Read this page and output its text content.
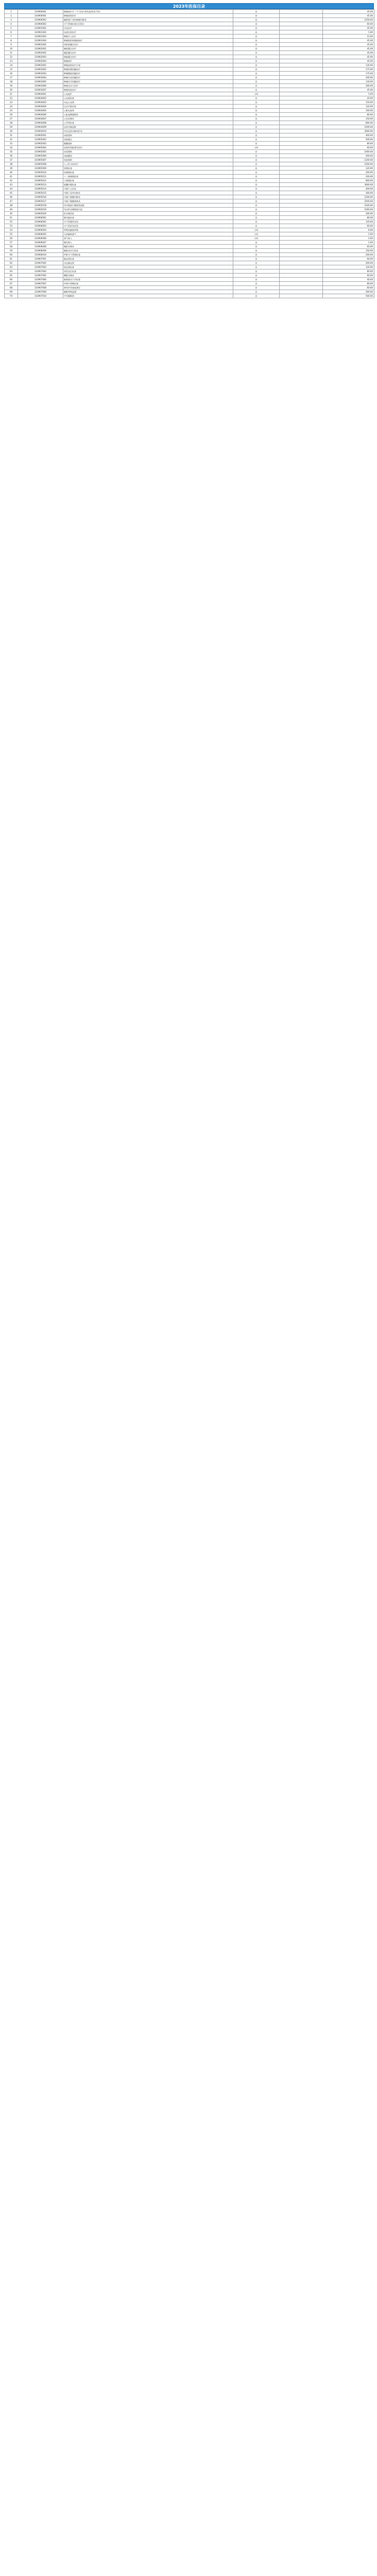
2023年医保目录
1	310900001	肿瘤热疗学（不可治疗类药品/同类不同）	次		45.00
2	310900001	肿瘤放射治疗	次		45.00
3	310900002	腹腔镜下良性肿瘤切除术	次		1250.00
4	310900002	支气管镜检查(含活检)	次		60.00
5	310901001	冷冻治疗	次		45.00
6	310901002	局部注射治疗	次		5.00
7	310901003	肿瘤介入治疗	次		15.00
8	310901004	肿瘤组织间插植放疗	次		45.00
9	310901005	体腔热灌注治疗	次		45.00
10	310902001	胸腔灌注治疗	次		45.00
11	310902002	腹腔灌注治疗	次		45.00
12	310902003	膀胱灌注治疗	次		45.00
13	310902004	肿瘤热疗	次		45.00
14	310903001	肿瘤放射治疗计划	次		130.00
15	310903002	肿瘤射频消融治疗	次		175.00
16	310903003	肿瘤微波消融治疗	次		175.00
17	310903004	肿瘤冷冻消融治疗	次		200.00
18	310903005	肿瘤化学消融治疗	次		130.00
19	310903006	肿瘤光动力治疗	次		200.00
20	310903007	肿瘤免疫治疗	次		45.00
21	310904001	心电监护	小时		5.00
22	310904002	心电图检查	次		20.00
23	310904003	动态心电图	次		150.00
24	310904004	运动平板试验	次		120.00
25	310904005	心脏电复律	次		100.00
26	310904006	心脏起搏器程控	次		80.00
27	310904007	心包穿刺术	次		150.00
28	310904008	心导管检查	次		800.00
29	310904009	冠状动脉造影	次		1500.00
30	310904010	经皮冠状动脉成形术	次		3000.00
31	310905001	血液透析	次		400.00
32	310905002	血液滤过	次		500.00
33	310905003	腹膜透析	次		80.00
34	310905004	连续性肾脏替代治疗	小时		60.00
35	310905005	血浆置换	次		1000.00
36	310905006	血液灌流	次		400.00
37	310905007	免疫吸附	次		1200.00
38	310905008	人工肝支持治疗	次		1500.00
39	310905009	胃镜检查	次		120.00
40	310905010	结肠镜检查	次		200.00
41	310905011	十二指肠镜检查	次		200.00
42	310905012	小肠镜检查	次		800.00
43	310905013	胶囊内镜检查	次		3000.00
44	310905014	内镜下止血术	次		400.00
45	310905015	内镜下息肉切除术	次		300.00
46	310905016	内镜下黏膜切除术	次		1200.00
47	310905017	内镜下黏膜剥离术	次		2500.00
48	310905018	经内镜逆行胰胆管造影	次		1500.00
49	310905019	经皮肝穿刺胆道引流	次		1000.00
50	310905020	肝穿刺活检	次		200.00
51	310906001	肺功能检查	次		80.00
52	310906002	支气管激发试验	次		120.00
53	310906003	支气管舒张试验	次		60.00
54	310906004	呼吸机辅助呼吸	小时		8.00
55	310906005	无创辅助通气	小时		5.00
56	310906006	氧气吸入	小时		2.00
57	310906007	雾化吸入	次		5.00
58	310906008	胸腔穿刺术	次		60.00
59	310906009	胸腔闭式引流术	次		150.00
60	310906010	纤维支气管镜检查	次		200.00
61	310907001	脑电图检查	次		60.00
62	310907002	动态脑电图	次		200.00
63	310907003	肌电图检查	次		120.00
64	310907004	诱发电位检查	次		80.00
65	310907005	腰椎穿刺术	次		60.00
66	310907006	脑脊液动力学检查	次		40.00
67	310907007	经颅多普勒检查	次		80.00
68	310907008	神经传导速度测定	次		60.00
69	310907009	睡眠呼吸监测	次		300.00
70	310907010	多导睡眠图	次		500.00
